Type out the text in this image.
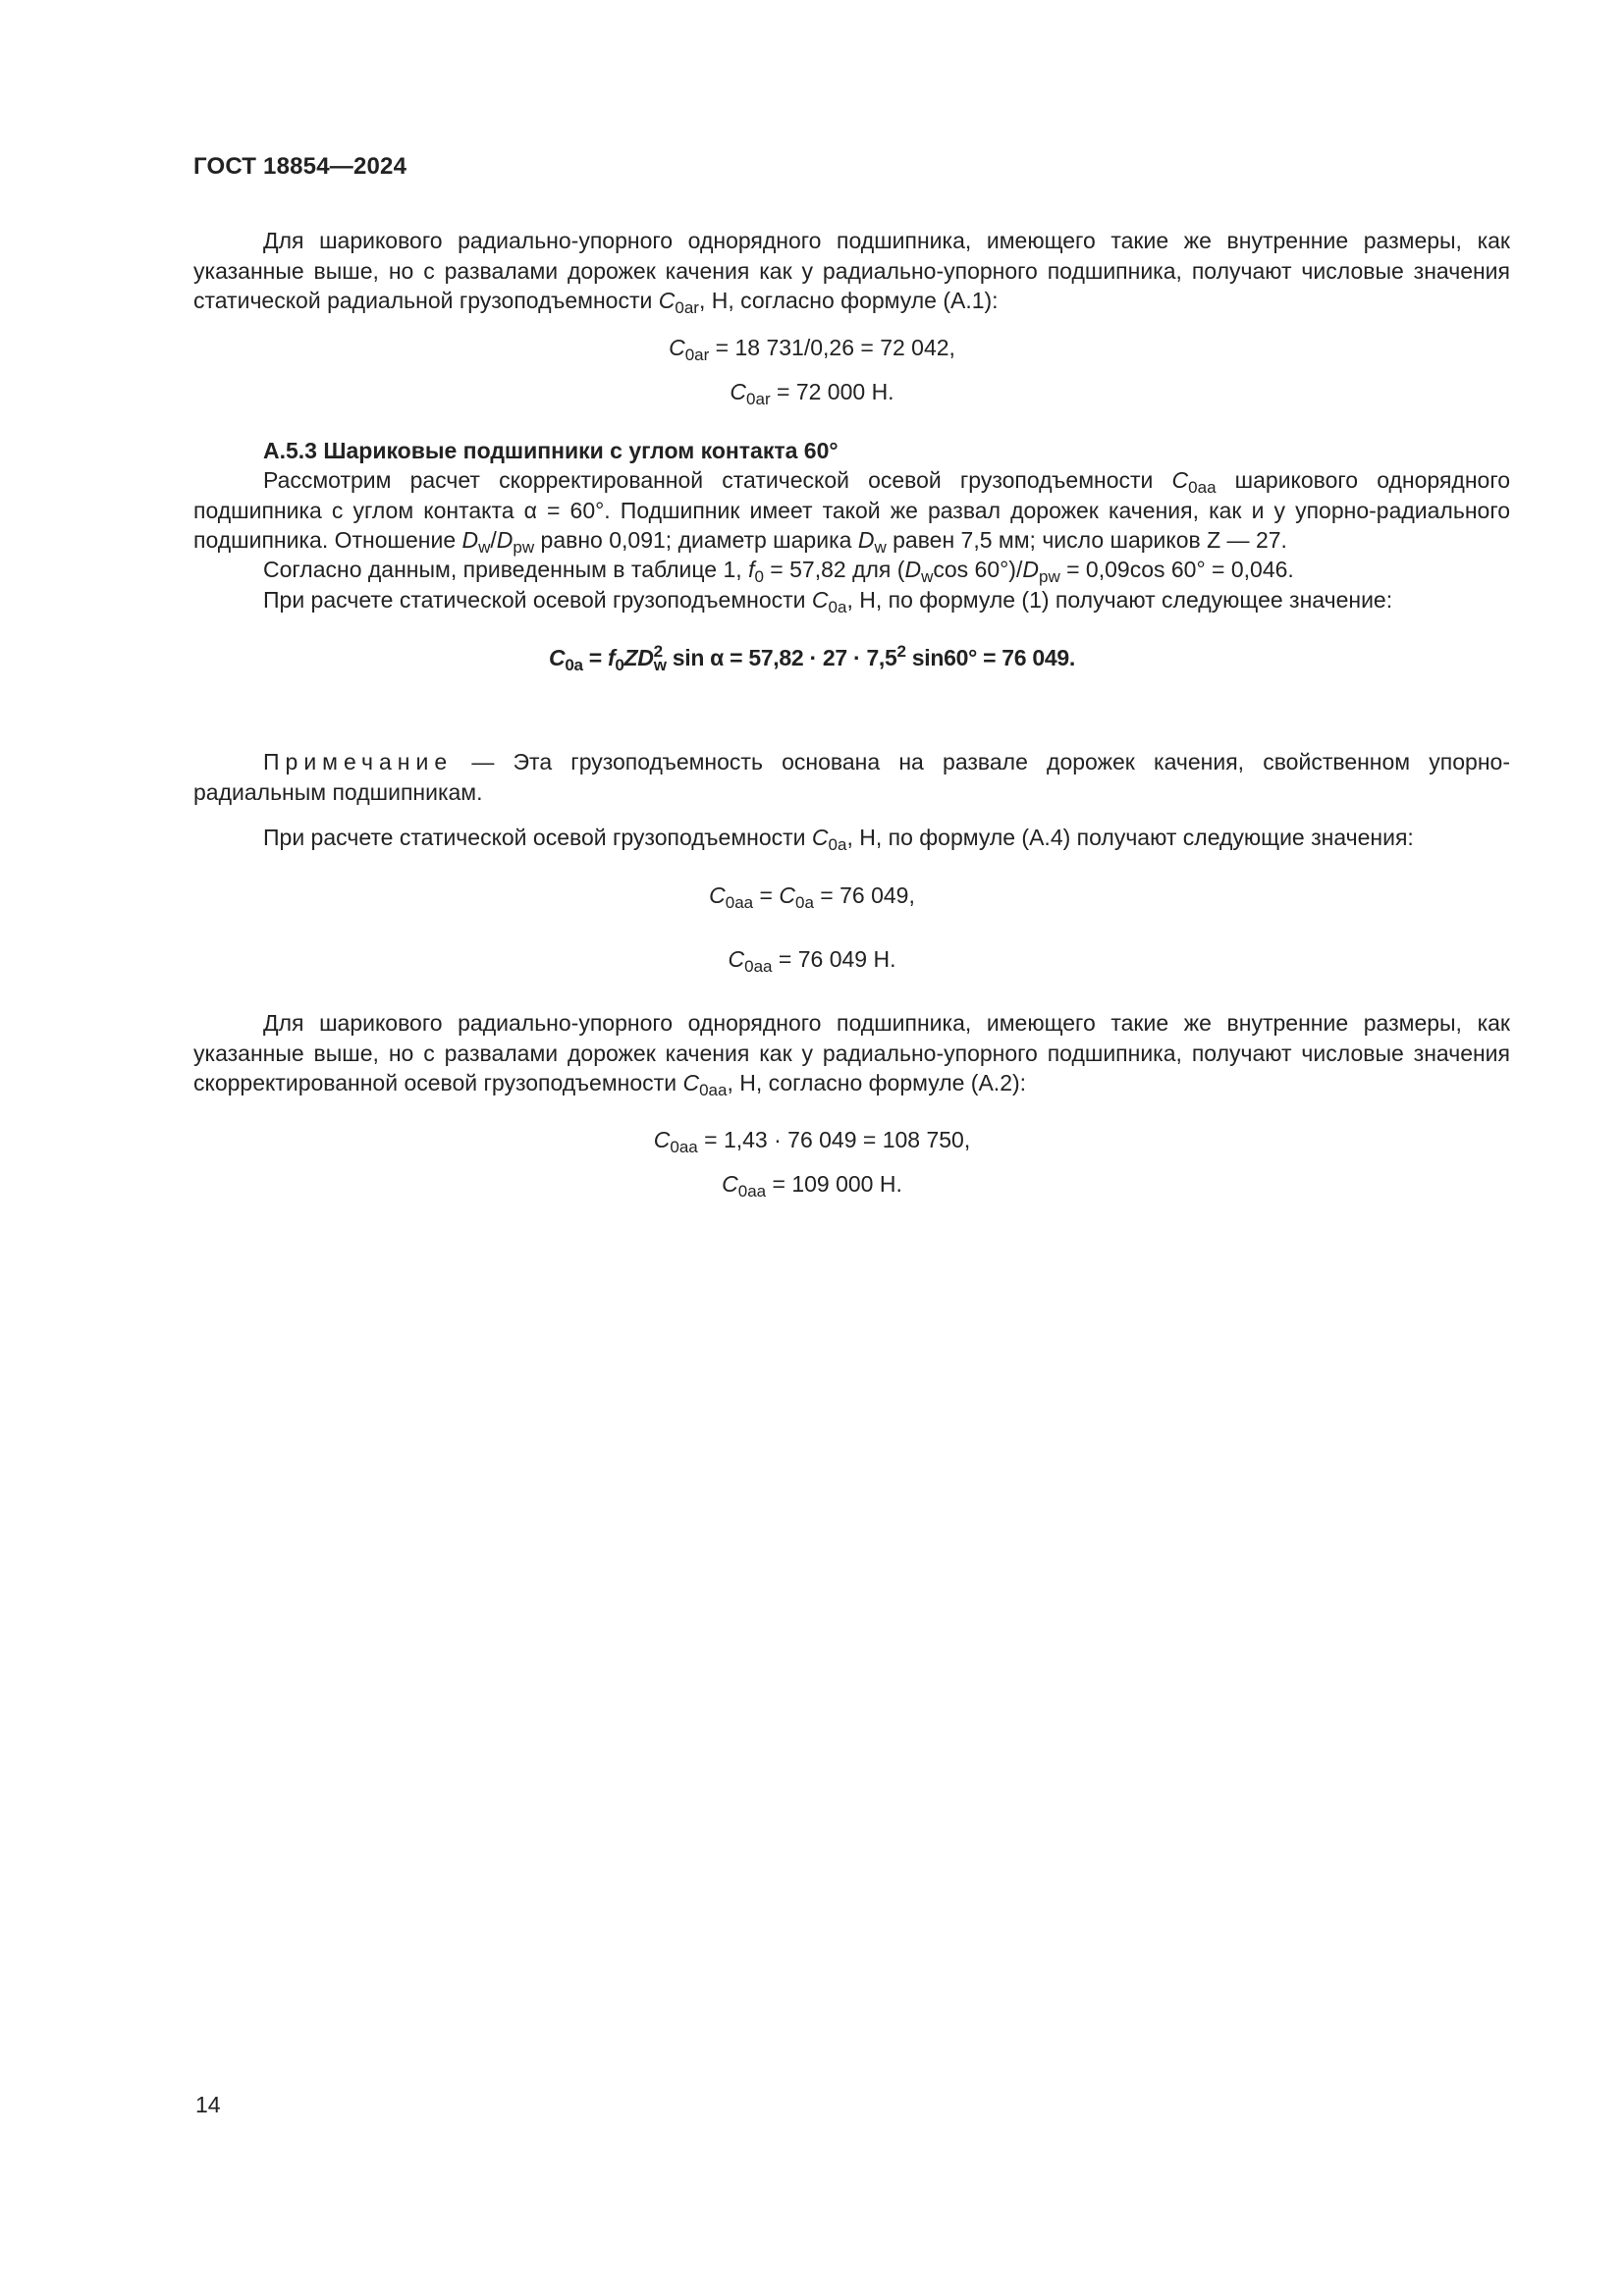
ГОСТ 18854—2024
Для шарикового радиально-упорного однорядного подшипника, имеющего такие же внутренние размеры, как указанные выше, но с развалами дорожек качения как у радиально-упорного подшипника, получают числовые значения статической радиальной грузоподъемности $C_{0ar}$, Н, согласно формуле (А.1):
$C_{0ar} = 18$ 731/0,26 = 72 042,
$C_{0ar} = 72$ 000 Н.
А.5.3 Шариковые подшипники с углом контакта 60°
Рассмотрим расчет скорректированной статической осевой грузоподъемности $C_{0aa}$ шарикового однорядного подшипника с углом контакта α = 60°. Подшипник имеет такой же развал дорожек качения, как и у упорно-радиального подшипника. Отношение $D_w/D_{pw}$ равно 0,091; диаметр шарика $D_w$ равен 7,5 мм; число шариков Z — 27.
Согласно данным, приведенным в таблице 1, $f_0 = 57,82$ для ($D_w\cos$ $60^\circ)/D_{pw} = 0,09\cos$ 60° = 0,046.
При расчете статической осевой грузоподъемности $C_{0a}$, Н, по формуле (1) получают следующее значение:
$C_{0a} = f_0ZD^2_w$ $\sin \alpha = 57,82 \cdot 27 \cdot 7,5^2$ sin60° = 76 049.
Примечание — Эта грузоподъемность основана на развале дорожек качения, свойственном упорно-радиальным подшипникам.
При расчете статической осевой грузоподъемности $C_{0a}$, Н, по формуле (А.4) получают следующие значения:
$C_{0aa} = C_{0a} = 76$ 049,
$C_{0aa} = 76$ 049 Н.
Для шарикового радиально-упорного однорядного подшипника, имеющего такие же внутренние размеры, как указанные выше, но с развалами дорожек качения как у радиально-упорного подшипника, получают числовые значения скорректированной осевой грузоподъемности $C_{0aa}$, Н, согласно формуле (А.2):
$C_{0aa} = 1,43 \cdot 76$ 049 = 108 750,
$C_{0aa} = 109$ 000 Н.
14
